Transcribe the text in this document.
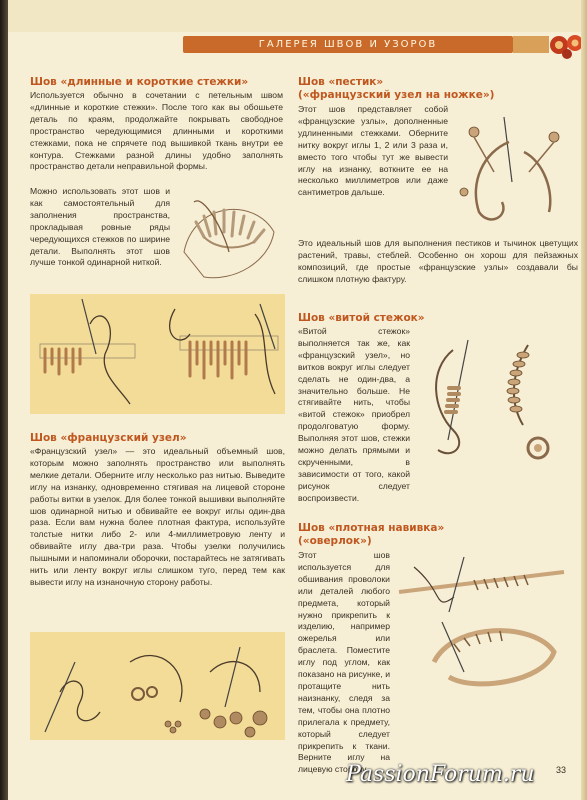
ГАЛЕРЕЯ ШВОВ И УЗОРОВ
Шов «длинные и короткие стежки»

Используется обычно в сочетании с петельным швом «длинные и короткие стежки». После того как вы обошьете деталь по краям, продолжайте покрывать свободное пространство чередующимися длинными и короткими стежками, пока не спрячете под вышивкой ткань внутри ее контура. Стежками разной длины удобно заполнять пространство детали неправильной формы.

Можно использовать этот шов и как самостоятельный для заполнения пространства, прокладывая ровные ряды чередующихся стежков по ширине детали. Выполнять этот шов лучше тонкой одинарной ниткой.

Шов «французский узел»

«Французский узел» — это идеальный объемный шов, которым можно заполнять пространство или выполнять мелкие детали. Оберните иглу несколько раз нитью. Выведите иглу на изнанку, одновременно стягивая на лицевой стороне работы витки в узелок. Для более тонкой вышивки выполняйте шов одинарной нитью и обвивайте ее вокруг иглы один-два раза. Если вам нужна более плотная фактура, используйте толстые нитки либо 2- или 4-миллиметровую ленту и обвивайте иглу два-три раза. Чтобы узелки получились пышными и напоминали оборочки, постарайтесь не затягивать нить или ленту вокруг иглы слишком туго, перед тем как вывести иглу на изнаночную сторону работы.

Шов «пестик»
(«французский узел на ножке»)

Этот шов представляет собой «французские узлы», дополненные удлиненными стежками. Оберните нитку вокруг иглы 1, 2 или 3 раза и, вместо того чтобы тут же вывести иглу на изнанку, воткните ее на несколько миллиметров или даже сантиметров дальше.

Это идеальный шов для выполнения пестиков и тычинок цветущих растений, травы, стеблей. Особенно он хорош для пейзажных композиций, где простые «французские узлы» создавали бы слишком плотную фактуру.

Шов «витой стежок»

«Витой стежок» выполняется так же, как «французский узел», но витков вокруг иглы следует сделать не один-два, а значительно больше. Не стягивайте нить, чтобы «витой стежок» приобрел продолговатую форму. Выполняя этот шов, стежки можно делать прямыми и скрученными, в зависимости от того, какой рисунок следует воспроизвести.

Шов «плотная навивка»
(«оверлок»)

Этот шов используется для обшивания проволоки или деталей любого предмета, который нужно прикрепить к изделию, например ожерелья или браслета. Поместите иглу под углом, как показано на рисунке, и протащите нить наизнанку, следя за тем, чтобы она плотно прилегала к предмету, который следует прикрепить к ткани. Верните иглу на лицевую сторону

PassionForum.ru	33
